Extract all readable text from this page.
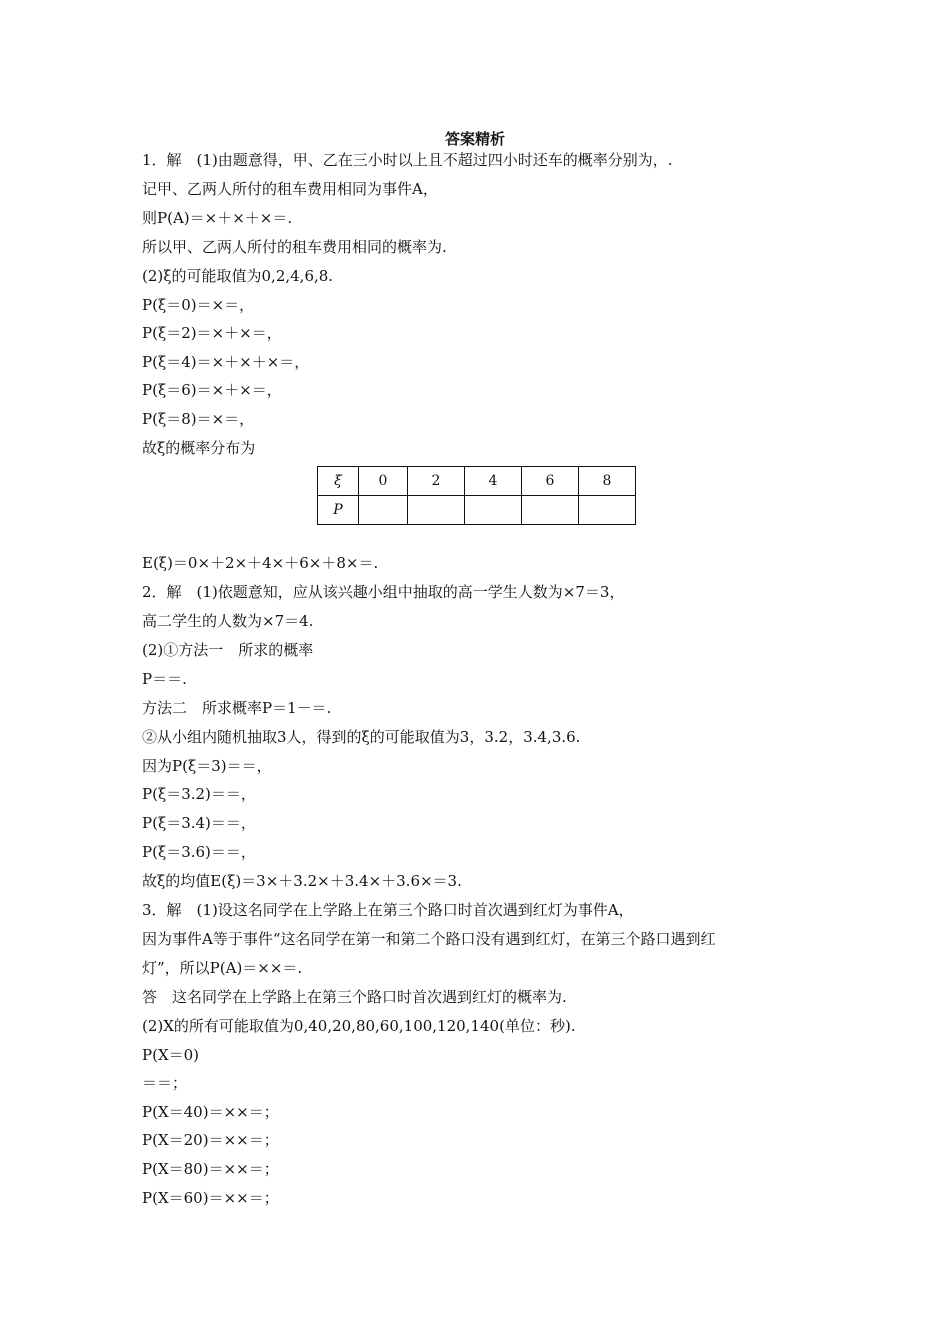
答案精析
1．解　(1)由题意得，甲、乙在三小时以上且不超过四小时还车的概率分别为，.
记甲、乙两人所付的租车费用相同为事件A，
则P(A)＝×＋×＋×＝.
所以甲、乙两人所付的租车费用相同的概率为.
(2)ξ的可能取值为0,2,4,6,8.
P(ξ＝0)＝×＝，
P(ξ＝2)＝×＋×＝，
P(ξ＝4)＝×＋×＋×＝，
P(ξ＝6)＝×＋×＝，
P(ξ＝8)＝×＝，
故ξ的概率分布为
ξ	0	2	4	6	8
P					
E(ξ)＝0×＋2×＋4×＋6×＋8×＝.
2．解　(1)依题意知，应从该兴趣小组中抽取的高一学生人数为×7＝3，
高二学生的人数为×7＝4.
(2)①方法一　所求的概率
P＝＝.
方法二　所求概率P＝1－＝.
②从小组内随机抽取3人，得到的ξ的可能取值为3，3.2，3.4,3.6.
因为P(ξ＝3)＝＝，
P(ξ＝3.2)＝＝，
P(ξ＝3.4)＝＝，
P(ξ＝3.6)＝＝，
故ξ的均值E(ξ)＝3×＋3.2×＋3.4×＋3.6×＝3.
3．解　(1)设这名同学在上学路上在第三个路口时首次遇到红灯为事件A，
因为事件A等于事件“这名同学在第一和第二个路口没有遇到红灯，在第三个路口遇到红
灯”，所以P(A)＝××＝.
答　这名同学在上学路上在第三个路口时首次遇到红灯的概率为.
(2)X的所有可能取值为0,40,20,80,60,100,120,140(单位：秒).
P(X＝0)
＝＝；
P(X＝40)＝××＝；
P(X＝20)＝××＝；
P(X＝80)＝××＝；
P(X＝60)＝××＝；
